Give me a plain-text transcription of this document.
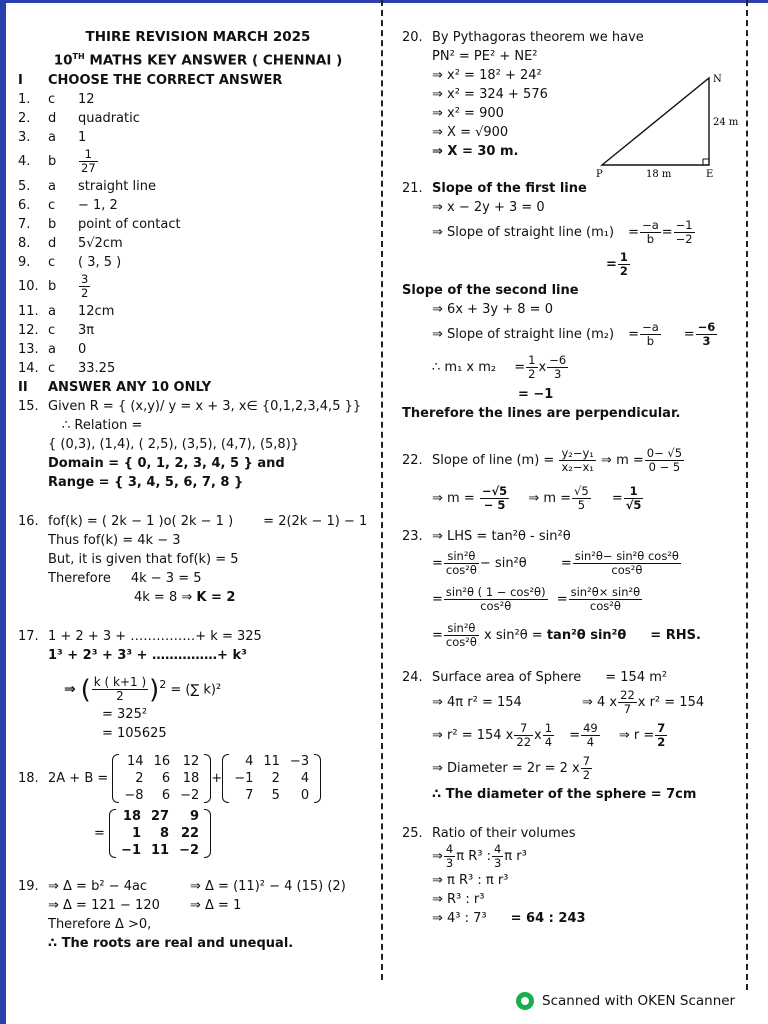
THIRE REVISION MARCH 2025
10TH MATHS KEY ANSWER ( CHENNAI )
I CHOOSE THE CORRECT ANSWER
1. c 12
2. d quadratic
3. a 1
4. b $\frac{1}{27}$
5. a straight line
6. c − 1, 2
7. b point of contact
8. d 5√2cm
9. c ( 3, 5 )
10. b $\frac{3}{2}$
11. a 12cm
12. c 3π
13. a 0
14. c 33.25
II ANSWER ANY 10 ONLY
15. Given R = { (x,y)/ y = x + 3, x∈ {0,1,2,3,4,5 }}
∴ Relation =
{ (0,3), (1,4), ( 2,5), (3,5), (4,7), (5,8)}
Domain = { 0, 1, 2, 3, 4, 5 } and
Range = { 3, 4, 5, 6, 7, 8 }
16. fof(k) = ( 2k − 1 )o( 2k − 1 ) = 2(2k − 1) − 1
Thus fof(k) = 4k − 3
But, it is given that fof(k) = 5
Therefore 4k − 3 = 5
4k = 8 ⇒ K = 2
17. 1 + 2 + 3 + ……………+ k = 325
1³ + 2³ + 3³ + ……………+ k³
⇒ ( $\frac{k ( k+1 )}{2} )^2$ = (∑ k)²
= 325²
= 105625
18. 2A + B =
14	16	12
2	6	18
−8	6	−2
+
4	11	−3
−1	2	4
7	5	0
=
18	27	9
1	8	22
−1	11	−2
19. ⇒ Δ = b² − 4ac	⇒ Δ = (11)² − 4 (15) (2)
⇒ Δ = 121 − 120 ⇒ Δ = 1
Therefore Δ >0,
∴ The roots are real and unequal.
20. By Pythagoras theorem we have
PN² = PE² + NE²
⇒ x² = 18² + 24²
⇒ x² = 324 + 576
⇒ x² = 900
⇒ X = √900
⇒ X = 30 m.
21. Slope of the first line
⇒ x − 2y + 3 = 0
⇒ Slope of straight line $(m_1) = \frac{-a}{b} = \frac{-1}{-2}$
= $\frac{1}{2}$
Slope of the second line
⇒ 6x + 3y + 8 = 0
⇒ Slope of straight line $(m_2) = \frac{-a}{b} = \frac{-6}{3}$
∴ m₁ x $m_2 = \frac{1}{2}$ x $\frac{-6}{3}$
= −1
Therefore the lines are perpendicular.
22. Slope of line $(m) = \frac{\text{y₂−y₁}}{\text{x₂−x₁}}$ ⇒ $m = \frac{0- √5}{0 - 5}$
⇒ $m = \frac{-√5}{- 5}$ ⇒ $m = \frac{√5}{5} = \frac{1}{√5}$
23. ⇒ LHS = tan²θ - sin²θ
= $\frac{\text{sin²θ}}{\text{cos²θ}} - \sin^2\theta$	= $\frac{\text{sin²θ− sin²θ cos²θ}}{\text{cos²θ}}$
= $\frac{\text{sin²θ ( 1 − cos²θ)}}{\text{cos²θ}} = \frac{\text{sin²θ× sin²θ}}{\text{cos²θ}}$
= $\frac{\text{sin²θ}}{\text{cos²θ}}$ x sin²θ = tan²θ sin²θ = RHS.
24. Surface area of Sphere = 154 m²
⇒ 4π r² = 154	⇒ 4 x $\frac{22}{7}$ x r² = 154
⇒ r² = 154 x $\frac{7}{22}$ x $\frac{1}{4} = \frac{49}{4}$ ⇒ $r = \frac{7}{2}$
⇒ Diameter = 2r = 2 x $\frac{7}{2}$
∴ The diameter of the sphere = 7cm
25. Ratio of their volumes
⇒ $\frac{4}{3}$ π R³ : $\frac{4}{3}$ π r³
⇒ π R³ : π r³
⇒ R³ : r³
⇒ 4³ : 7³ = 64 : 243
N
P	E
24 m
18 m
Scanned with OKEN Scanner
